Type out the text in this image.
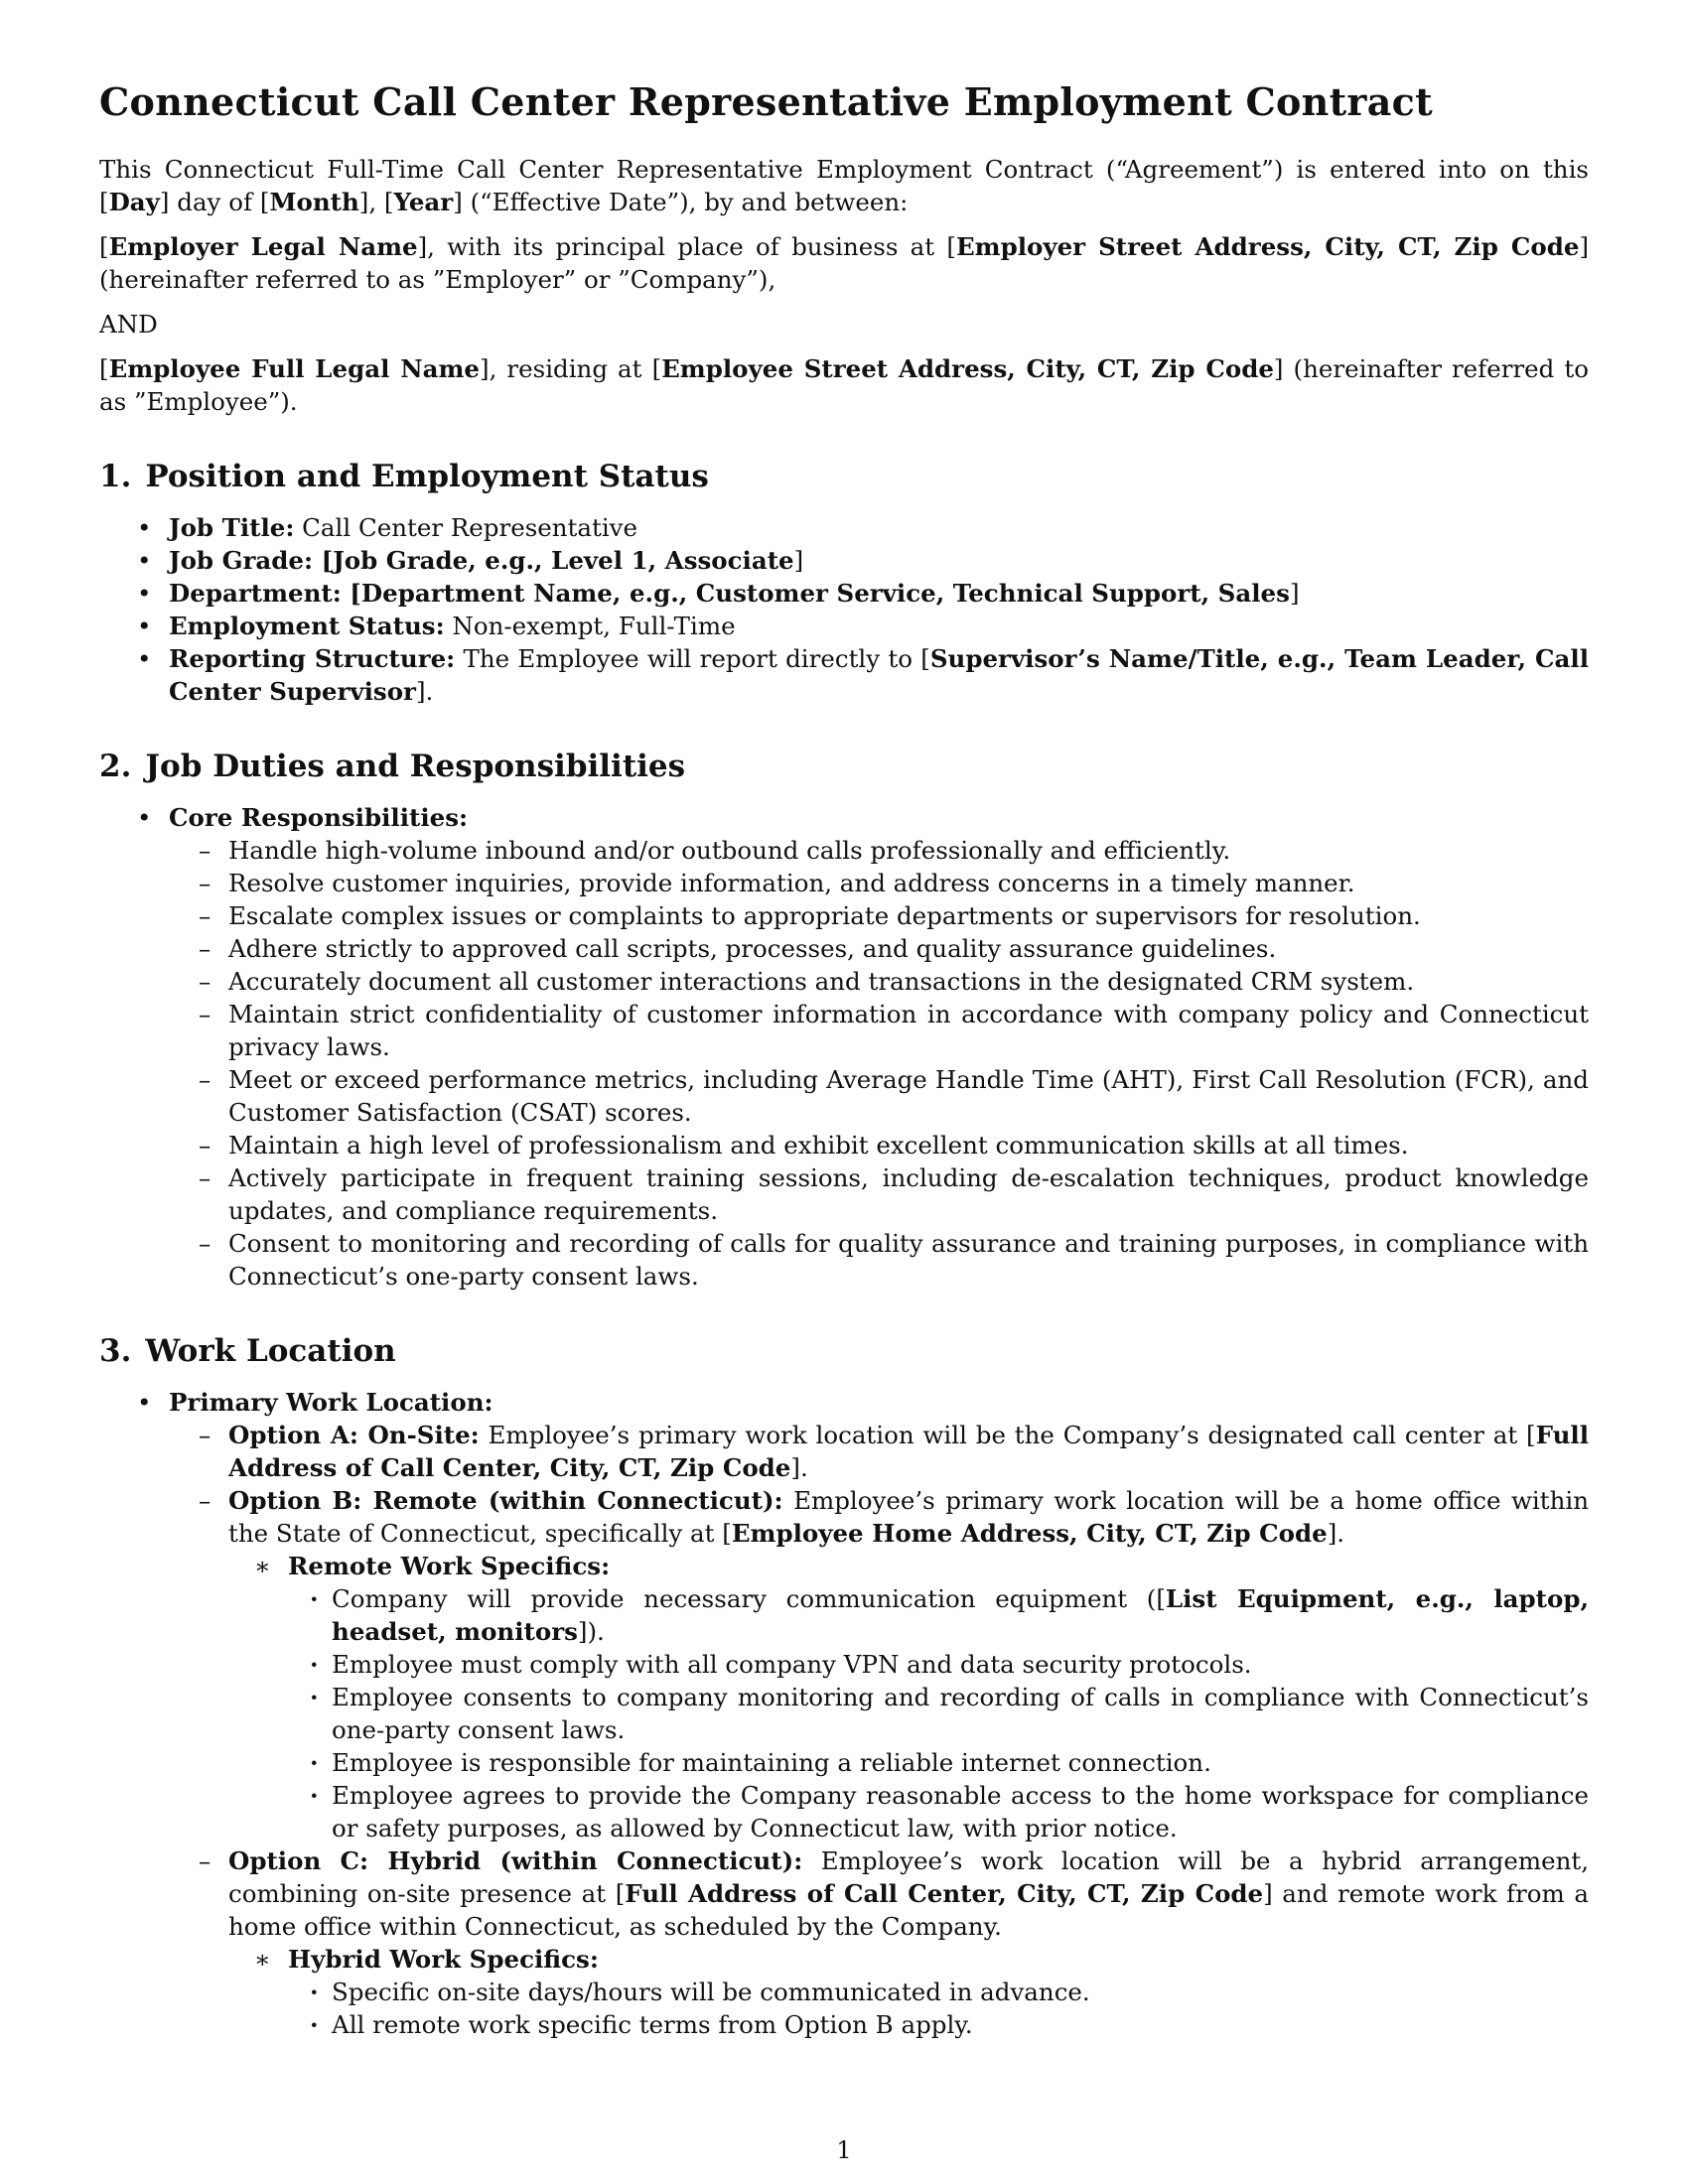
Connecticut Call Center Representative Employment Contract

This Connecticut Full-Time Call Center Representative Employment Contract (“Agreement”) is entered into on this [Day] day of [Month], [Year] (“Effective Date”), by and between:

[Employer Legal Name], with its principal place of business at [Employer Street Address, City, CT, Zip Code] (hereinafter referred to as ”Employer” or ”Company”),

AND

[Employee Full Legal Name], residing at [Employee Street Address, City, CT, Zip Code] (hereinafter referred to as ”Employee”).

1. Position and Employment Status
• Job Title: Call Center Representative
• Job Grade: [Job Grade, e.g., Level 1, Associate]
• Department: [Department Name, e.g., Customer Service, Technical Support, Sales]
• Employment Status: Non-exempt, Full-Time
• Reporting Structure: The Employee will report directly to [Supervisor’s Name/Title, e.g., Team Leader, Call Center Supervisor].
2. Job Duties and Responsibilities
• Core Responsibilities:
– Handle high-volume inbound and/or outbound calls professionally and efficiently.
– Resolve customer inquiries, provide information, and address concerns in a timely manner.
– Escalate complex issues or complaints to appropriate departments or supervisors for resolution.
– Adhere strictly to approved call scripts, processes, and quality assurance guidelines.
– Accurately document all customer interactions and transactions in the designated CRM system.
– Maintain strict confidentiality of customer information in accordance with company policy and Connecticut privacy laws.
– Meet or exceed performance metrics, including Average Handle Time (AHT), First Call Resolution (FCR), and Customer Satisfaction (CSAT) scores.
– Maintain a high level of professionalism and exhibit excellent communication skills at all times.
– Actively participate in frequent training sessions, including de-escalation techniques, product knowledge updates, and compliance requirements.
– Consent to monitoring and recording of calls for quality assurance and training purposes, in compliance with Connecticut’s one-party consent laws.
3. Work Location
• Primary Work Location:
– Option A: On-Site: Employee’s primary work location will be the Company’s designated call center at [Full Address of Call Center, City, CT, Zip Code].
– Option B: Remote (within Connecticut): Employee’s primary work location will be a home office within the State of Connecticut, specifically at [Employee Home Address, City, CT, Zip Code].
∗ Remote Work Specifics:
· Company will provide necessary communication equipment ([List Equipment, e.g., laptop, headset, monitors]).
· Employee must comply with all company VPN and data security protocols.
· Employee consents to company monitoring and recording of calls in compliance with Connecticut’s one-party consent laws.
· Employee is responsible for maintaining a reliable internet connection.
· Employee agrees to provide the Company reasonable access to the home workspace for compliance or safety purposes, as allowed by Connecticut law, with prior notice.
– Option C: Hybrid (within Connecticut): Employee’s work location will be a hybrid arrangement, combining on-site presence at [Full Address of Call Center, City, CT, Zip Code] and remote work from a home office within Connecticut, as scheduled by the Company.
∗ Hybrid Work Specifics:
· Specific on-site days/hours will be communicated in advance.
· All remote work specific terms from Option B apply.
1
